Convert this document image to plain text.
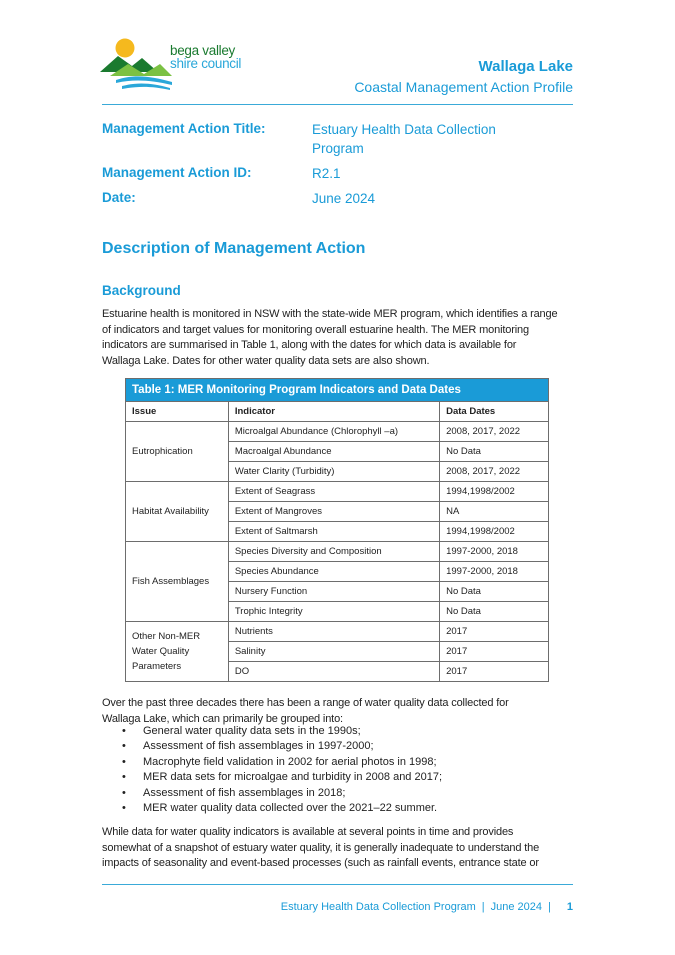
bega valley
shire council	Wallaga Lake
Coastal Management Action Profile
Management Action Title:	Estuary Health Data Collection
Program
Management Action ID:	R2.1
Date:	June 2024
Description of Management Action
Background
Estuarine health is monitored in NSW with the state-wide MER program, which identifies a range
of indicators and target values for monitoring overall estuarine health. The MER monitoring
indicators are summarised in Table 1, along with the dates for which data is available for
Wallaga Lake. Dates for other water quality data sets are also shown.
Table 1: MER Monitoring Program Indicators and Data Dates		
Issue	Indicator	Data Dates
Eutrophication	Microalgal Abundance (Chlorophyll –a)	2008, 2017, 2022
	Macroalgal Abundance	No Data
	Water Clarity (Turbidity)	2008, 2017, 2022
Habitat Availability	Extent of Seagrass	1994,1998/2002
	Extent of Mangroves	NA
	Extent of Saltmarsh	1994,1998/2002
Fish Assemblages	Species Diversity and Composition	1997-2000, 2018
	Species Abundance	1997-2000, 2018
	Nursery Function	No Data
	Trophic Integrity	No Data
Other Non-MER Water Quality Parameters	Nutrients	2017
	Salinity	2017
	DO	2017
Over the past three decades there has been a range of water quality data collected for
Wallaga Lake, which can primarily be grouped into:
• General water quality data sets in the 1990s;
• Assessment of fish assemblages in 1997-2000;
• Macrophyte field validation in 2002 for aerial photos in 1998;
• MER data sets for microalgae and turbidity in 2008 and 2017;
• Assessment of fish assemblages in 2018;
• MER water quality data collected over the 2021–22 summer.
While data for water quality indicators is available at several points in time and provides
somewhat of a snapshot of estuary water quality, it is generally inadequate to understand the
impacts of seasonality and event-based processes (such as rainfall events, entrance state or
Estuary Health Data Collection Program | June 2024 | 1
